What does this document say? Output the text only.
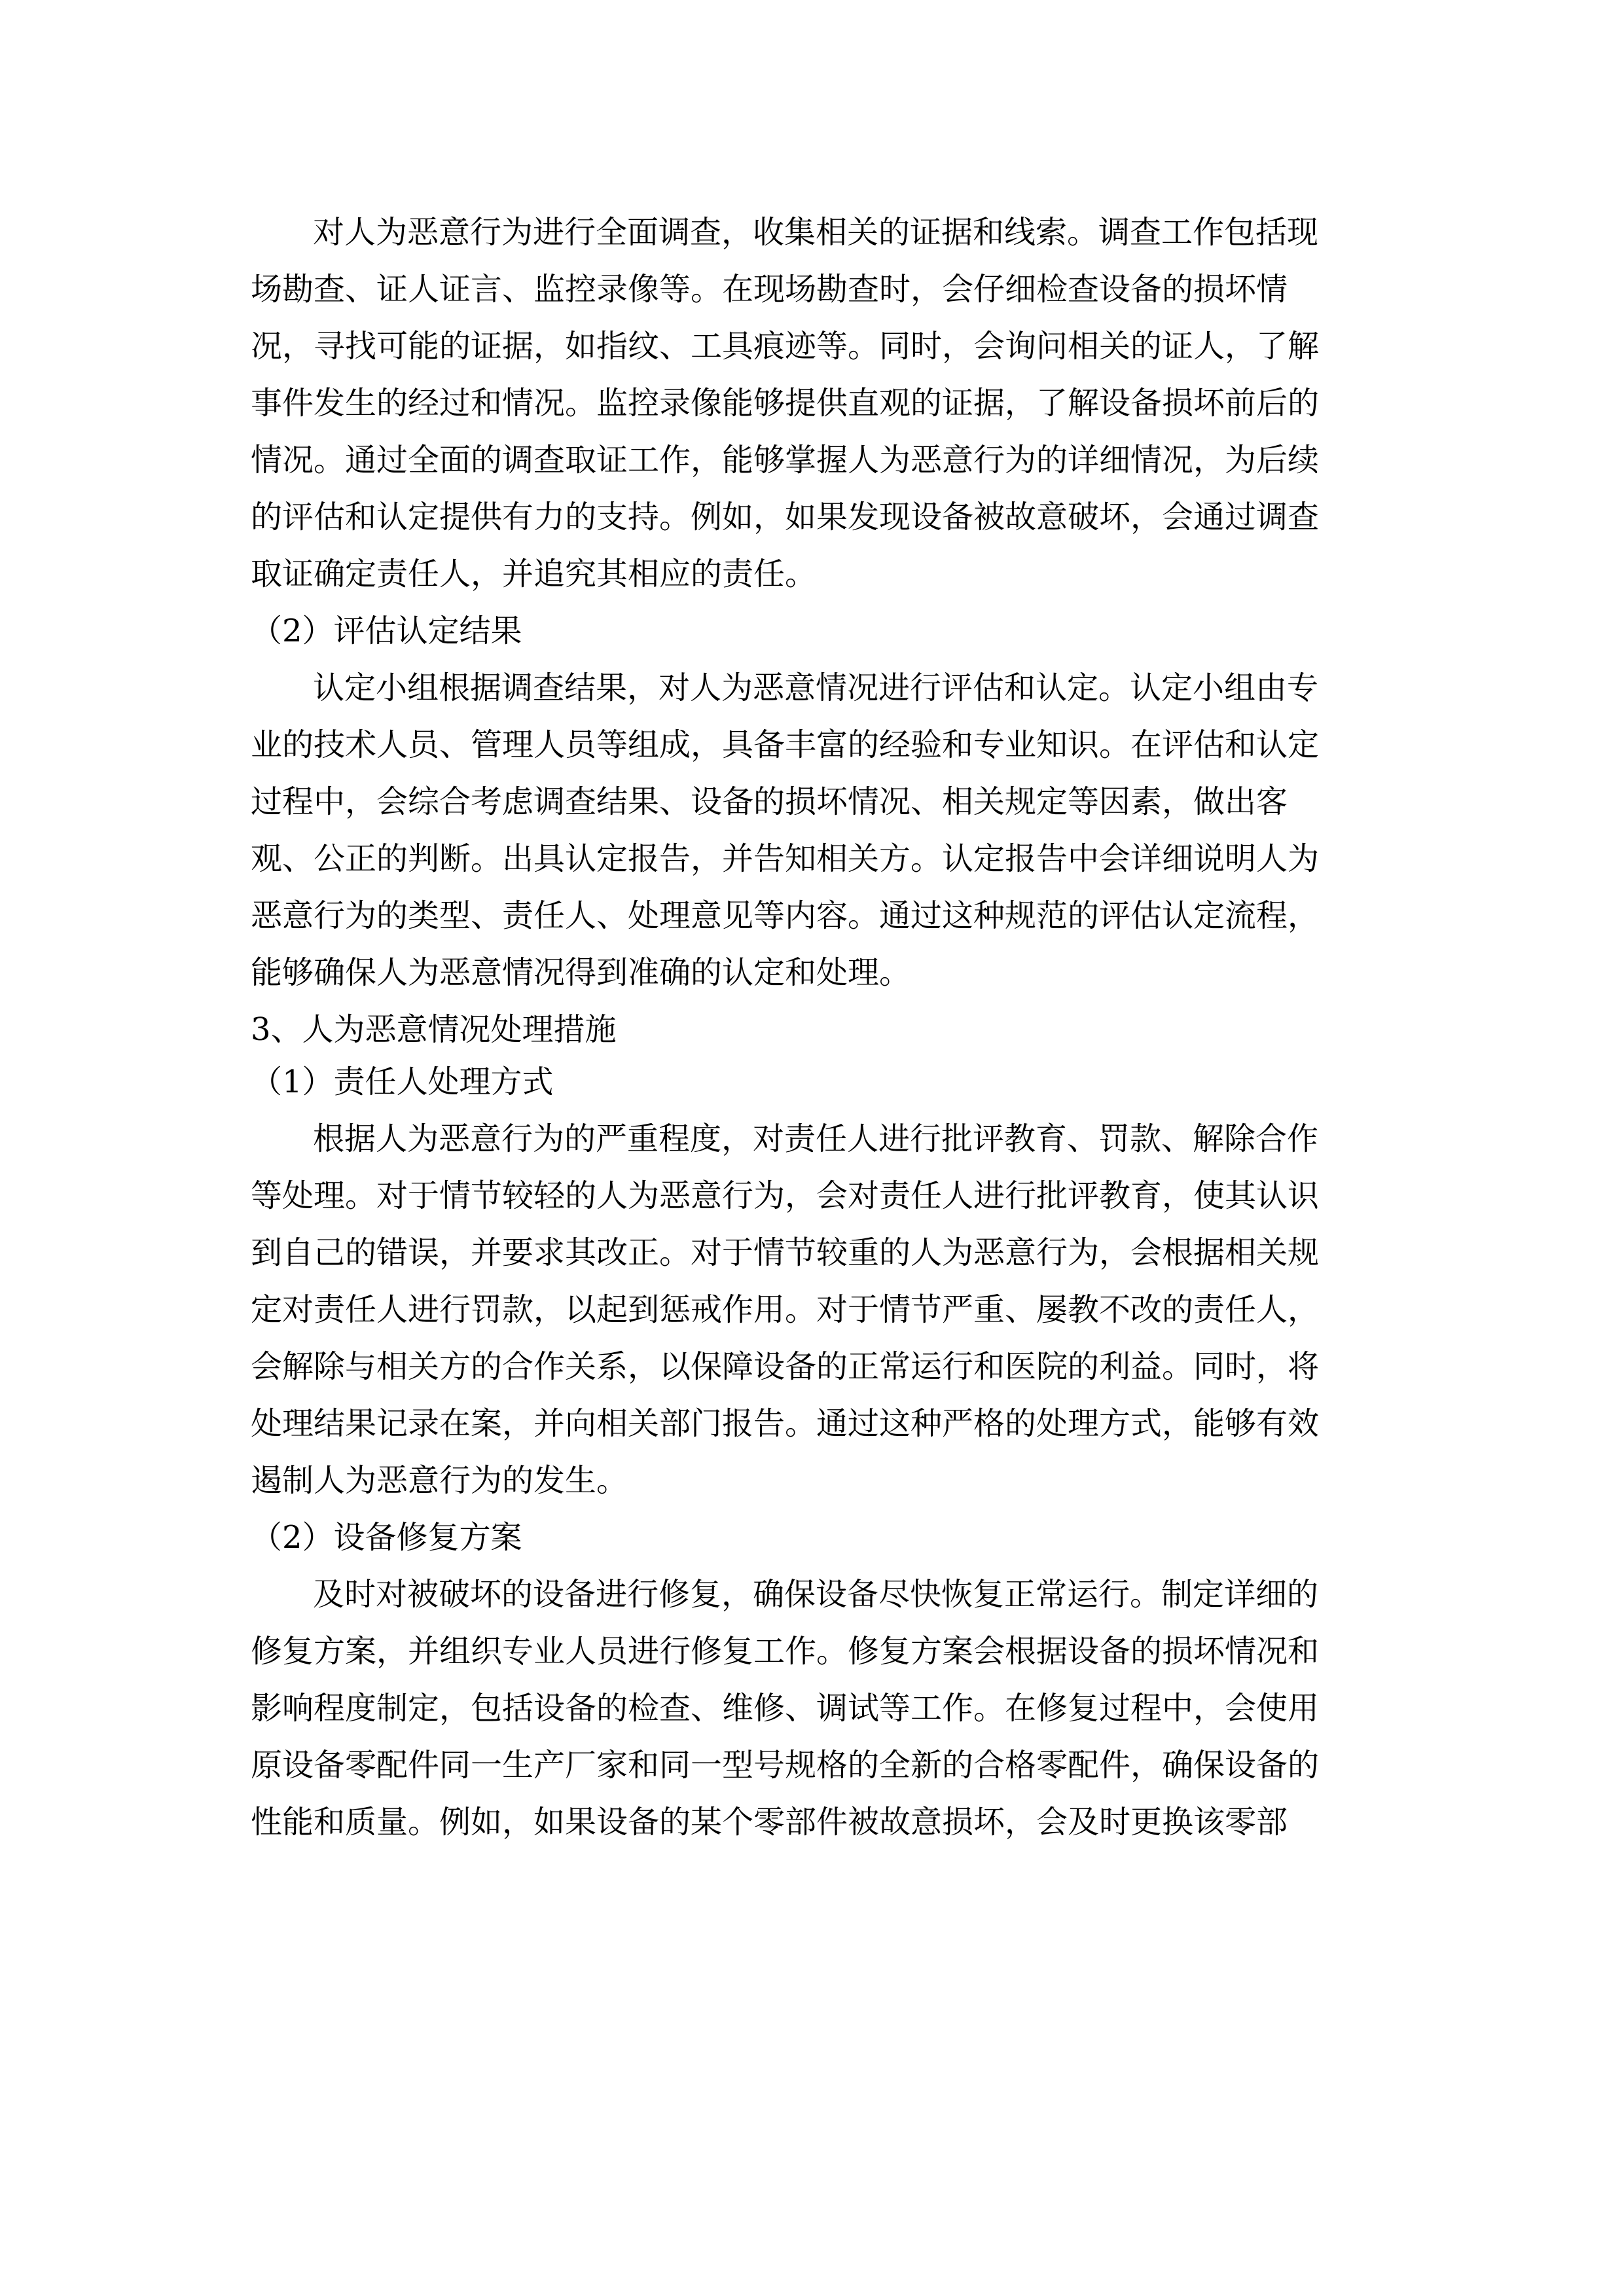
对人为恶意行为进行全面调查，收集相关的证据和线索。调查工作包括现
场勘查、证人证言、监控录像等。在现场勘查时，会仔细检查设备的损坏情
况，寻找可能的证据，如指纹、工具痕迹等。同时，会询问相关的证人，了解
事件发生的经过和情况。监控录像能够提供直观的证据，了解设备损坏前后的
情况。通过全面的调查取证工作，能够掌握人为恶意行为的详细情况，为后续
的评估和认定提供有力的支持。例如，如果发现设备被故意破坏，会通过调查
取证确定责任人，并追究其相应的责任。
（2）评估认定结果
认定小组根据调查结果，对人为恶意情况进行评估和认定。认定小组由专
业的技术人员、管理人员等组成，具备丰富的经验和专业知识。在评估和认定
过程中，会综合考虑调查结果、设备的损坏情况、相关规定等因素，做出客
观、公正的判断。出具认定报告，并告知相关方。认定报告中会详细说明人为
恶意行为的类型、责任人、处理意见等内容。通过这种规范的评估认定流程，
能够确保人为恶意情况得到准确的认定和处理。
3、人为恶意情况处理措施
（1）责任人处理方式
根据人为恶意行为的严重程度，对责任人进行批评教育、罚款、解除合作
等处理。对于情节较轻的人为恶意行为，会对责任人进行批评教育，使其认识
到自己的错误，并要求其改正。对于情节较重的人为恶意行为，会根据相关规
定对责任人进行罚款，以起到惩戒作用。对于情节严重、屡教不改的责任人，
会解除与相关方的合作关系，以保障设备的正常运行和医院的利益。同时，将
处理结果记录在案，并向相关部门报告。通过这种严格的处理方式，能够有效
遏制人为恶意行为的发生。
（2）设备修复方案
及时对被破坏的设备进行修复，确保设备尽快恢复正常运行。制定详细的
修复方案，并组织专业人员进行修复工作。修复方案会根据设备的损坏情况和
影响程度制定，包括设备的检查、维修、调试等工作。在修复过程中，会使用
原设备零配件同一生产厂家和同一型号规格的全新的合格零配件，确保设备的
性能和质量。例如，如果设备的某个零部件被故意损坏，会及时更换该零部
